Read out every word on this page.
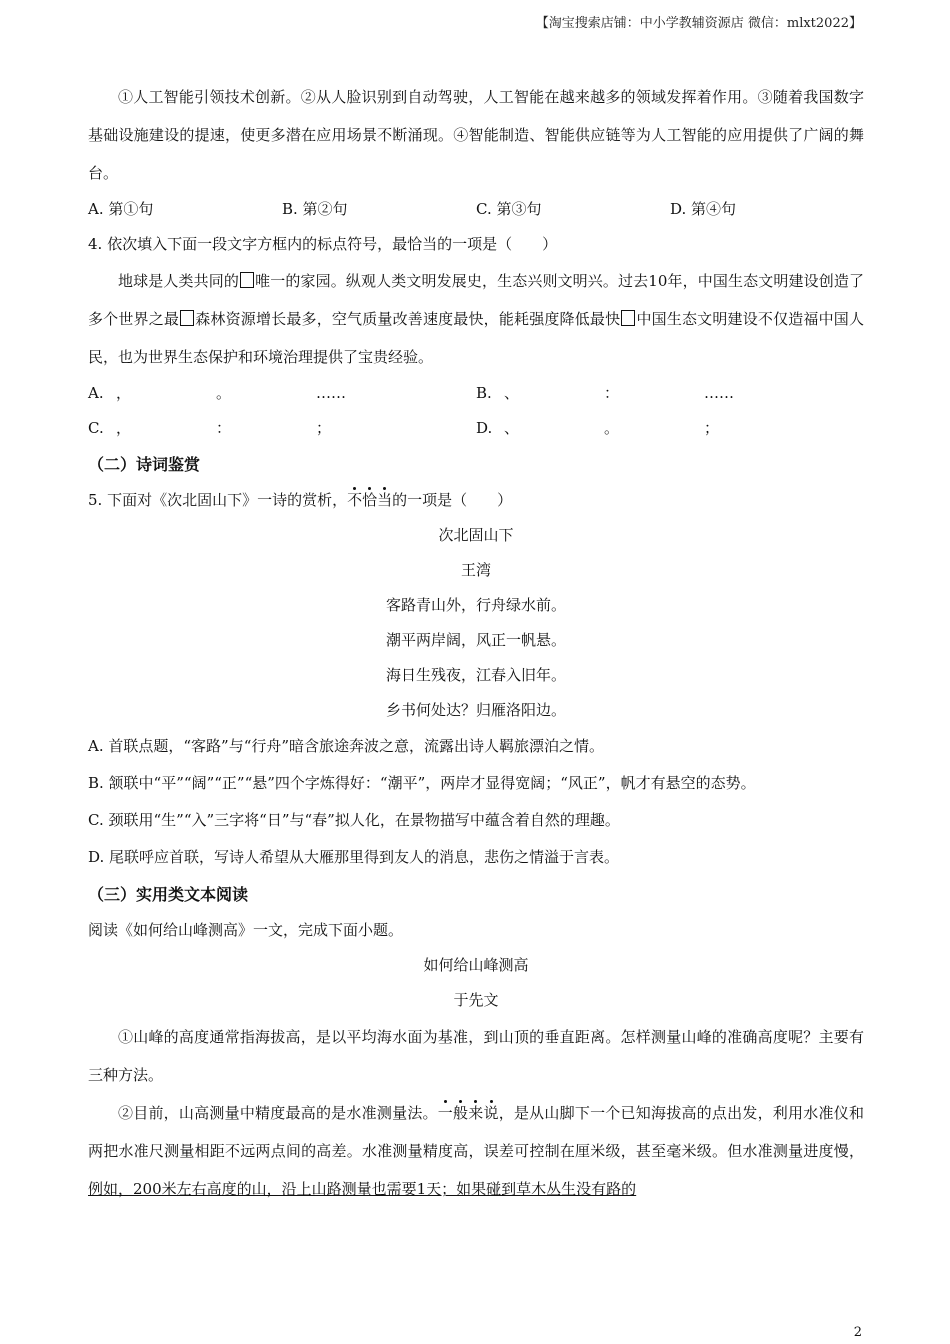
【淘宝搜索店铺：中小学教辅资源店 微信：mlxt2022】

①人工智能引领技术创新。②从人脸识别到自动驾驶，人工智能在越来越多的领域发挥着作用。③随着我国数字基础设施建设的提速，使更多潜在应用场景不断涌现。④智能制造、智能供应链等为人工智能的应用提供了广阔的舞台。

A. 第①句	B. 第②句	C. 第③句	D. 第④句

4. 依次填入下面一段文字方框内的标点符号，最恰当的一项是（　　）

地球是人类共同的 唯一的家园。纵观人类文明发展史，生态兴则文明兴。过去10年，中国生态文明建设创造了多个世界之最 森林资源增长最多，空气质量改善速度最快，能耗强度降低最快 中国生态文明建设不仅造福中国人民，也为世界生态保护和环境治理提供了宝贵经验。

A. ，	。	……	B. 、	：	……
C. ，	：	；	D. 、	。	；

（二）诗词鉴赏

5. 下面对《次北固山下》一诗的赏析，不恰当的一项是（　　）

次北固山下

王湾

客路青山外，行舟绿水前。

潮平两岸阔，风正一帆悬。

海日生残夜，江春入旧年。

乡书何处达？归雁洛阳边。

A. 首联点题，“客路”与“行舟”暗含旅途奔波之意，流露出诗人羁旅漂泊之情。

B. 颔联中“平”“阔”“正”“悬”四个字炼得好：“潮平”，两岸才显得宽阔；“风正”，帆才有悬空的态势。

C. 颈联用“生”“入”三字将“日”与“春”拟人化，在景物描写中蕴含着自然的理趣。

D. 尾联呼应首联，写诗人希望从大雁那里得到友人的消息，悲伤之情溢于言表。

（三）实用类文本阅读

阅读《如何给山峰测高》一文，完成下面小题。

如何给山峰测高

于先文

①山峰的高度通常指海拔高，是以平均海水面为基准，到山顶的垂直距离。怎样测量山峰的准确高度呢？主要有三种方法。

②目前，山高测量中精度最高的是水准测量法。一般来说，是从山脚下一个已知海拔高的点出发，利用水准仪和两把水准尺测量相距不远两点间的高差。水准测量精度高，误差可控制在厘米级，甚至毫米级。但水准测量进度慢，例如，200米左右高度的山，沿上山路测量也需要1天；如果碰到草木丛生没有路的

2
